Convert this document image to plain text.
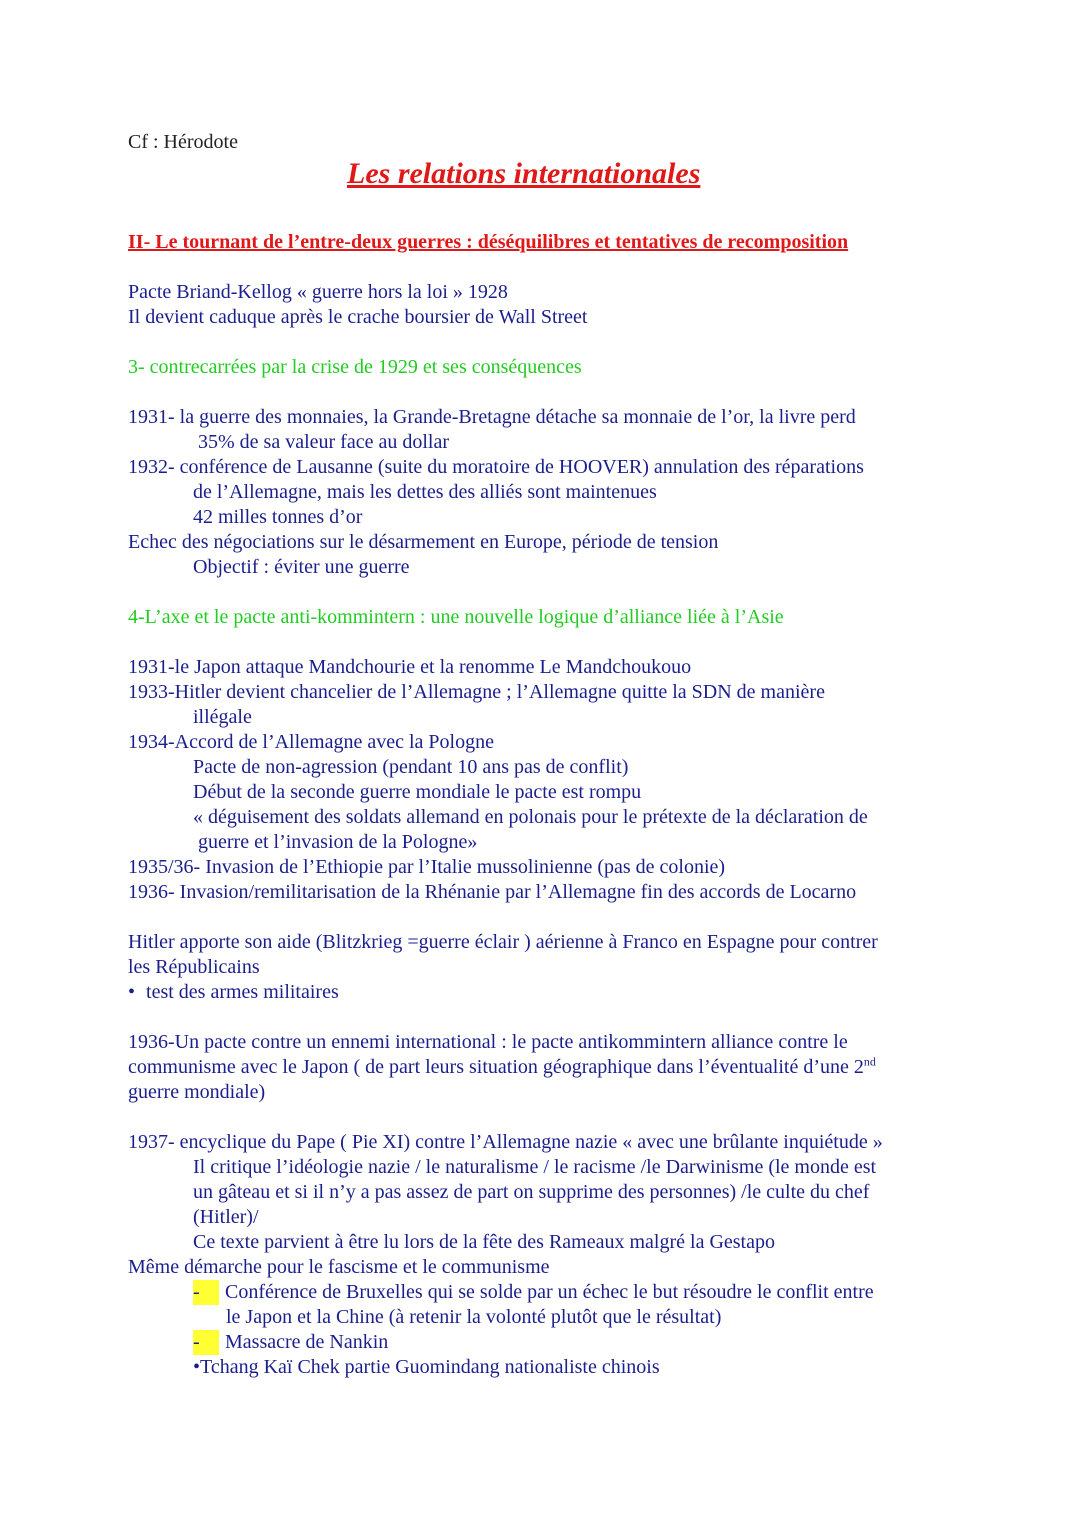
Cf : Hérodote
Les relations internationales
II- Le tournant de l’entre-deux guerres : déséquilibres et tentatives de recomposition
Pacte Briand-Kellog « guerre hors la loi » 1928
Il devient caduque après le crache boursier de Wall Street
3- contrecarrées par la crise de 1929 et ses conséquences
1931- la guerre des monnaies, la Grande-Bretagne détache sa monnaie de l’or, la livre perd
35% de sa valeur face au dollar
1932- conférence de Lausanne (suite du moratoire de HOOVER) annulation des réparations
de l’Allemagne, mais les dettes des alliés sont maintenues
42 milles tonnes d’or
Echec des négociations sur le désarmement en Europe, période de tension
Objectif : éviter une guerre
4-L’axe et le pacte anti-kommintern : une nouvelle logique d’alliance liée à l’Asie
1931-le Japon attaque Mandchourie et la renomme Le Mandchoukouo
1933-Hitler devient chancelier de l’Allemagne ; l’Allemagne quitte la SDN de manière
illégale
1934-Accord de l’Allemagne avec la Pologne
Pacte de non-agression (pendant 10 ans pas de conflit)
Début de la seconde guerre mondiale le pacte est rompu
« déguisement des soldats allemand en polonais pour le prétexte de la déclaration de
guerre et l’invasion de la Pologne»
1935/36- Invasion de l’Ethiopie par l’Italie mussolinienne (pas de colonie)
1936- Invasion/remilitarisation de la Rhénanie par l’Allemagne fin des accords de Locarno
Hitler apporte son aide (Blitzkrieg =guerre éclair ) aérienne à Franco en Espagne pour contrer
les Républicains
• test des armes militaires
1936-Un pacte contre un ennemi international : le pacte antikommintern alliance contre le
communisme avec le Japon ( de part leurs situation géographique dans l’éventualité d’une 2nd
guerre mondiale)
1937- encyclique du Pape ( Pie XI) contre l’Allemagne nazie « avec une brûlante inquiétude »
Il critique l’idéologie nazie / le naturalisme / le racisme /le Darwinisme (le monde est
un gâteau et si il n’y a pas assez de part on supprime des personnes) /le culte du chef
(Hitler)/
Ce texte parvient à être lu lors de la fête des Rameaux malgré la Gestapo
Même démarche pour le fascisme et le communisme
- Conférence de Bruxelles qui se solde par un échec le but résoudre le conflit entre
le Japon et la Chine (à retenir la volonté plutôt que le résultat)
- Massacre de Nankin
•Tchang Kaï Chek partie Guomindang nationaliste chinois
